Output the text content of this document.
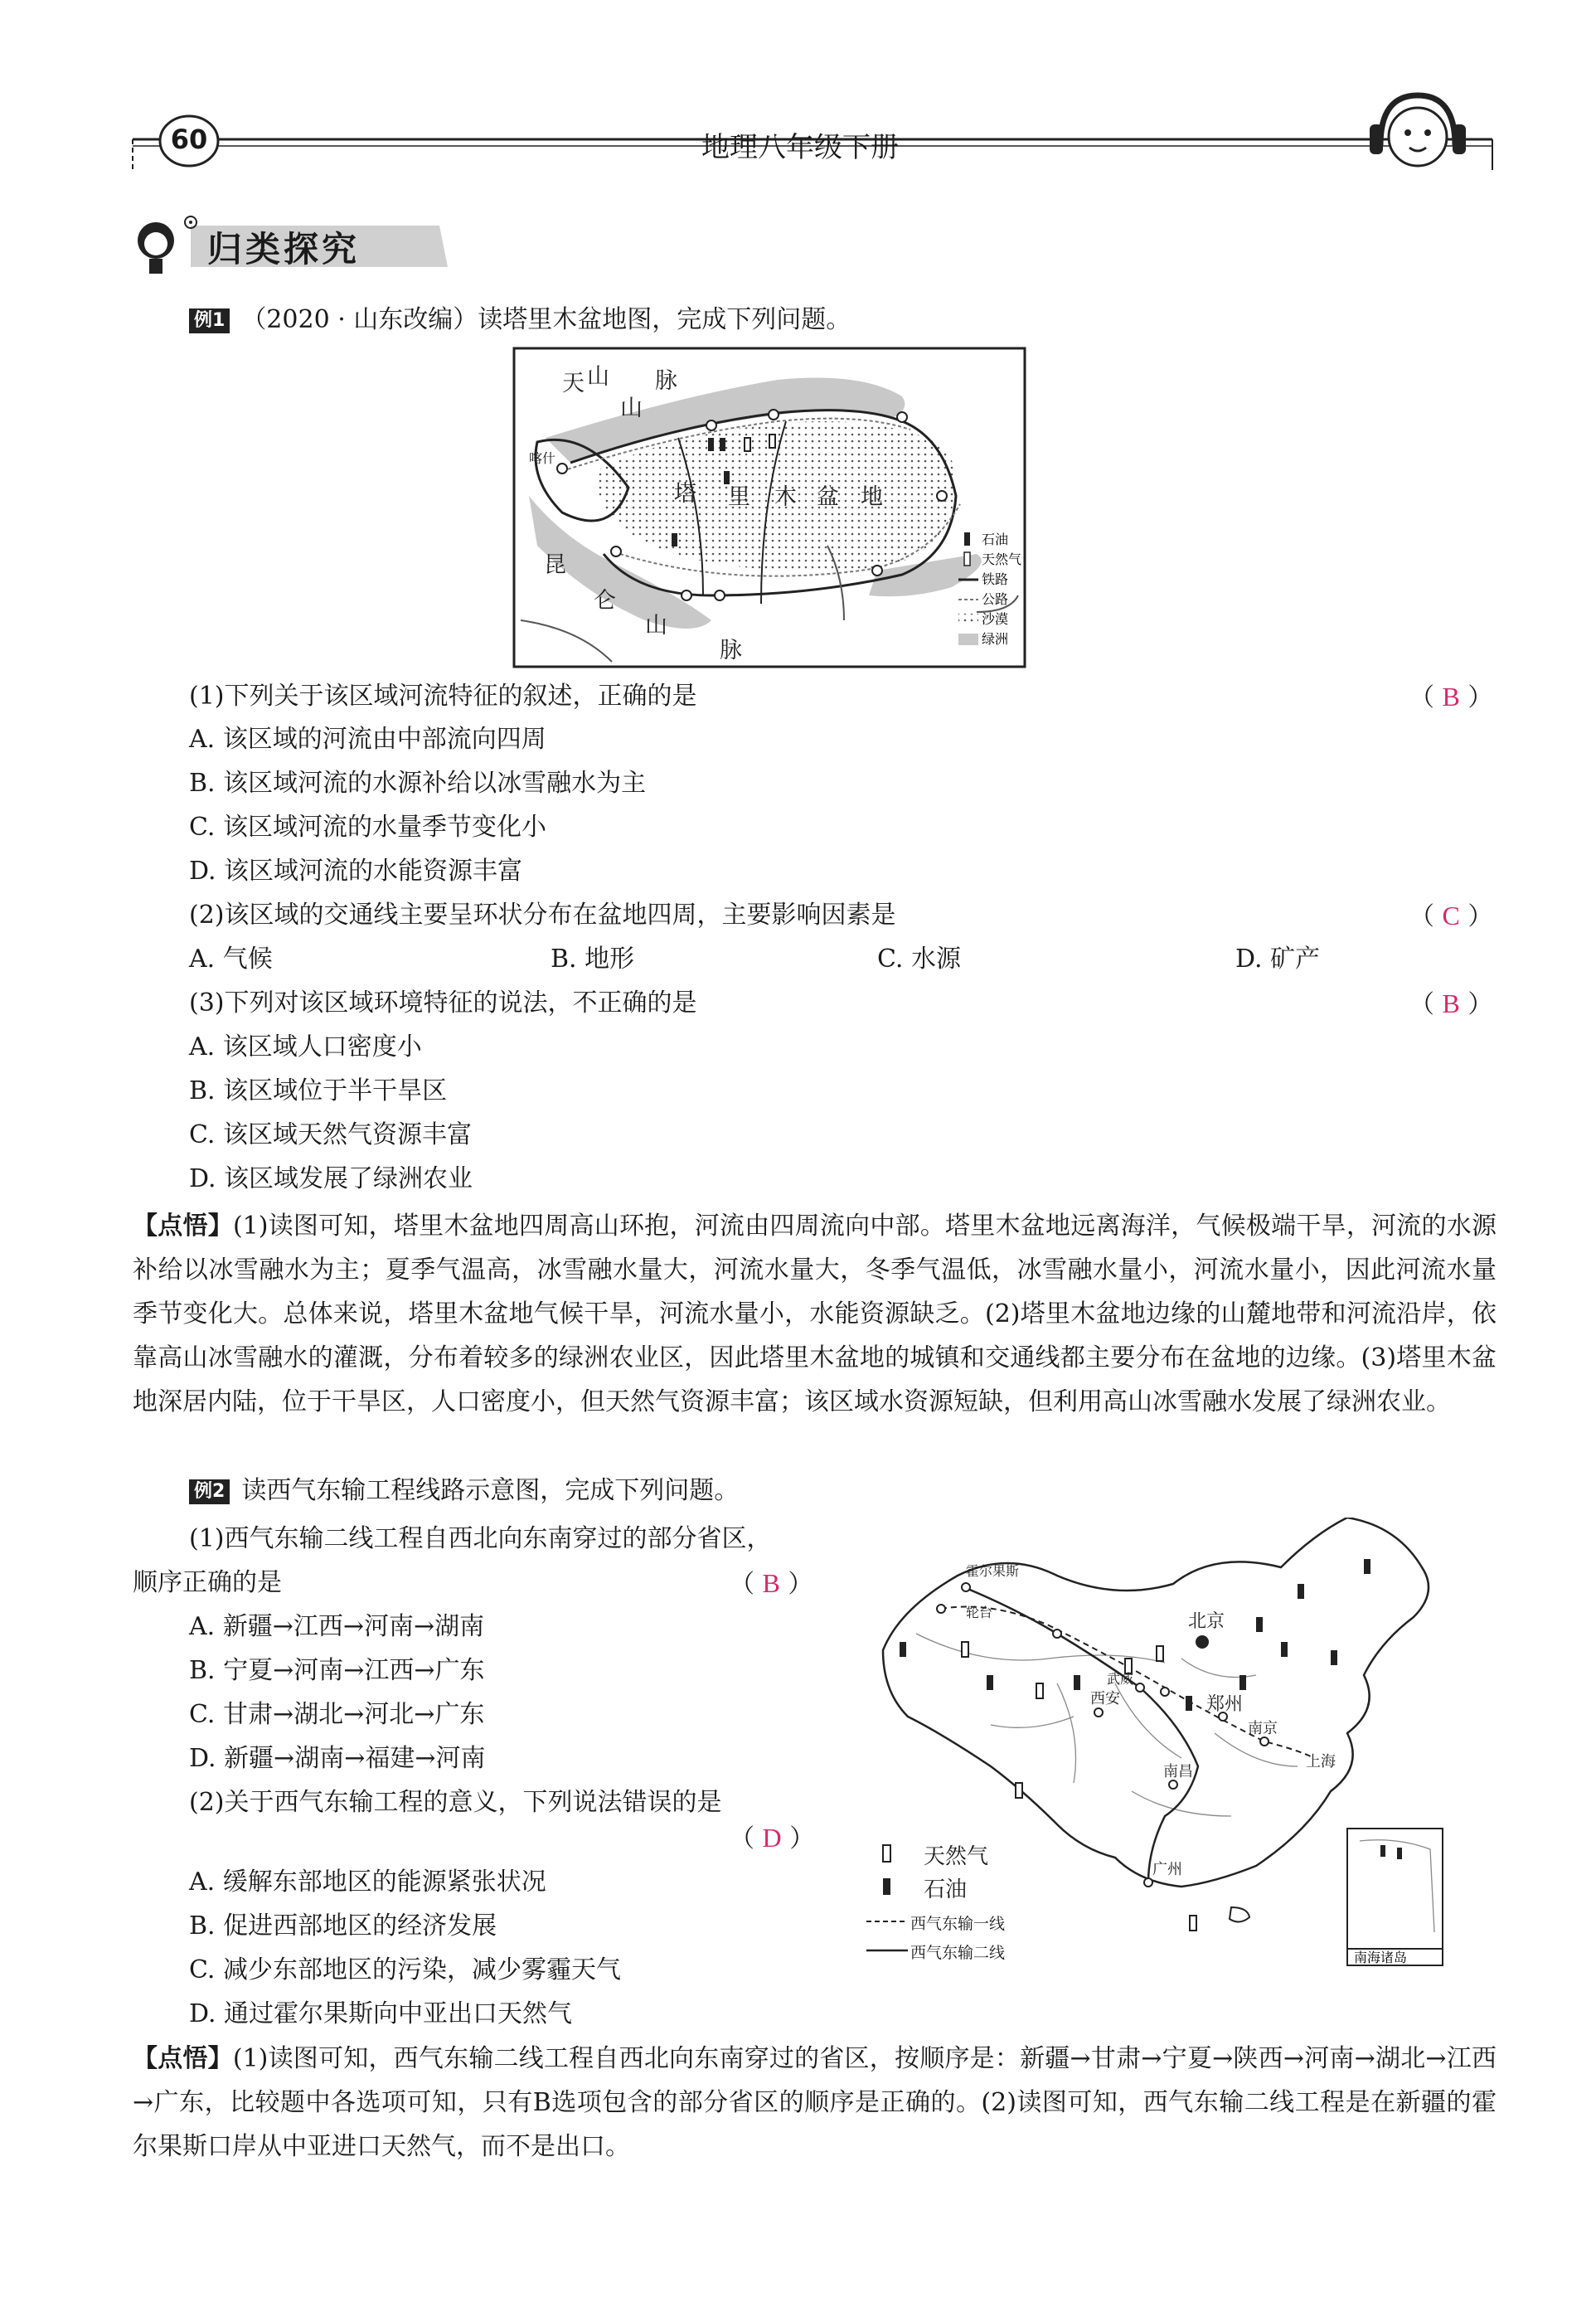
60	地理八年级下册
归类探究
例1 （2020 · 山东改编）读塔里木盆地图，完成下列问题。
天 山
山
脉
塔 里 木 盆 地
昆
仑
山
脉
喀什
石油
天然气
铁路
公路
沙漠
绿洲
(1)下列关于该区域河流特征的叙述，正确的是	（ B ）
A. 该区域的河流由中部流向四周
B. 该区域河流的水源补给以冰雪融水为主
C. 该区域河流的水量季节变化小
D. 该区域河流的水能资源丰富
(2)该区域的交通线主要呈环状分布在盆地四周，主要影响因素是	（ C ）
A. 气候	B. 地形	C. 水源	D. 矿产
(3)下列对该区域环境特征的说法，不正确的是	（ B ）
A. 该区域人口密度小
B. 该区域位于半干旱区
C. 该区域天然气资源丰富
D. 该区域发展了绿洲农业
【点悟】(1)读图可知，塔里木盆地四周高山环抱，河流由四周流向中部。塔里木盆地远离海洋，气候极端干旱，河流的水源补给以冰雪融水为主；夏季气温高，冰雪融水量大，河流水量大，冬季气温低，冰雪融水量小，河流水量小，因此河流水量季节变化大。总体来说，塔里木盆地气候干旱，河流水量小，水能资源缺乏。(2)塔里木盆地边缘的山麓地带和河流沿岸，依靠高山冰雪融水的灌溉，分布着较多的绿洲农业区，因此塔里木盆地的城镇和交通线都主要分布在盆地的边缘。(3)塔里木盆地深居内陆，位于干旱区，人口密度小，但天然气资源丰富；该区域水资源短缺，但利用高山冰雪融水发展了绿洲农业。
例2 读西气东输工程线路示意图，完成下列问题。
(1)西气东输二线工程自西北向东南穿过的部分省区，
顺序正确的是	（ B ）
A. 新疆→江西→河南→湖南
B. 宁夏→河南→江西→广东
C. 甘肃→湖北→河北→广东
D. 新疆→湖南→福建→河南
(2)关于西气东输工程的意义，下列说法错误的是
（ D ）
A. 缓解东部地区的能源紧张状况
B. 促进西部地区的经济发展
C. 减少东部地区的污染，减少雾霾天气
D. 通过霍尔果斯向中亚出口天然气
霍尔果斯
轮台
武威
北京
郑州
西安
南京
上海
南昌
广州
南海诸岛
天然气
石油
西气东输一线
西气东输二线
【点悟】(1)读图可知，西气东输二线工程自西北向东南穿过的省区，按顺序是：新疆→甘肃→宁夏→陕西→河南→湖北→江西→广东，比较题中各选项可知，只有B选项包含的部分省区的顺序是正确的。(2)读图可知，西气东输二线工程是在新疆的霍尔果斯口岸从中亚进口天然气，而不是出口。
